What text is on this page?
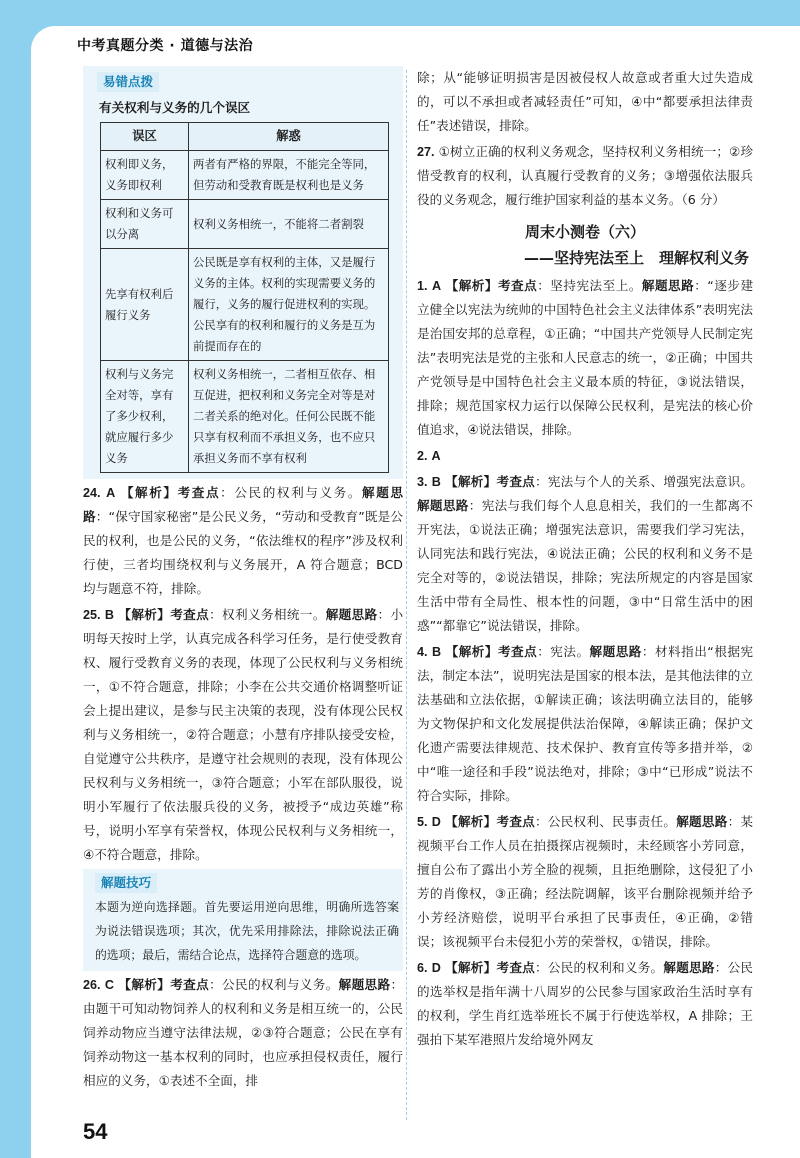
中考真题分类 · 道德与法治
易错点拨
有关权利与义务的几个误区
误区	解惑
权利即义务，义务即权利	两者有严格的界限，不能完全等同，但劳动和受教育既是权利也是义务
权利和义务可以分离	权利义务相统一，不能将二者割裂
先享有权利后履行义务	公民既是享有权利的主体，又是履行义务的主体。权利的实现需要义务的履行，义务的履行促进权利的实现。公民享有的权利和履行的义务是互为前提而存在的
权利与义务完全对等，享有了多少权利，就应履行多少义务	权利义务相统一，二者相互依存、相互促进，把权利和义务完全对等是对二者关系的绝对化。任何公民既不能只享有权利而不承担义务，也不应只承担义务而不享有权利
24. A 【解析】考查点：公民的权利与义务。解题思路：“保守国家秘密”是公民义务，“劳动和受教育”既是公民的权利，也是公民的义务，“依法维权的程序”涉及权利行使，三者均围绕权利与义务展开，A 符合题意；BCD 均与题意不符，排除。
25. B 【解析】考查点：权利义务相统一。解题思路：小明每天按时上学，认真完成各科学习任务，是行使受教育权、履行受教育义务的表现，体现了公民权利与义务相统一，①不符合题意，排除；小李在公共交通价格调整听证会上提出建议，是参与民主决策的表现，没有体现公民权利与义务相统一，②符合题意；小慧有序排队接受安检，自觉遵守公共秩序，是遵守社会规则的表现，没有体现公民权利与义务相统一，③符合题意；小军在部队服役，说明小军履行了依法服兵役的义务，被授予“成边英雄”称号，说明小军享有荣誉权，体现公民权利与义务相统一，④不符合题意，排除。
解题技巧
本题为逆向选择题。首先要运用逆向思维，明确所选答案为说法错误选项；其次，优先采用排除法，排除说法正确的选项；最后，需结合论点，选择符合题意的选项。
26. C 【解析】考查点：公民的权利与义务。解题思路：由题干可知动物饲养人的权利和义务是相互统一的，公民饲养动物应当遵守法律法规，②③符合题意；公民在享有饲养动物这一基本权利的同时，也应承担侵权责任，履行相应的义务，①表述不全面，排
除；从“能够证明损害是因被侵权人故意或者重大过失造成的，可以不承担或者减轻责任”可知，④中“都要承担法律责任”表述错误，排除。
27. ①树立正确的权利义务观念，坚持权利义务相统一；②珍惜受教育的权利，认真履行受教育的义务；③增强依法服兵役的义务观念，履行维护国家利益的基本义务。（6 分）
周末小测卷（六）
——坚持宪法至上　理解权利义务
1. A 【解析】考查点：坚持宪法至上。解题思路：“逐步建立健全以宪法为统帅的中国特色社会主义法律体系”表明宪法是治国安邦的总章程，①正确；“中国共产党领导人民制定宪法”表明宪法是党的主张和人民意志的统一，②正确；中国共产党领导是中国特色社会主义最本质的特征，③说法错误，排除；规范国家权力运行以保障公民权利，是宪法的核心价值追求，④说法错误，排除。
2. A
3. B 【解析】考查点：宪法与个人的关系、增强宪法意识。解题思路：宪法与我们每个人息息相关，我们的一生都离不开宪法，①说法正确；增强宪法意识，需要我们学习宪法，认同宪法和践行宪法，④说法正确；公民的权利和义务不是完全对等的，②说法错误，排除；宪法所规定的内容是国家生活中带有全局性、根本性的问题，③中“日常生活中的困惑”“都靠它”说法错误，排除。
4. B 【解析】考查点：宪法。解题思路：材料指出“根据宪法，制定本法”，说明宪法是国家的根本法，是其他法律的立法基础和立法依据，①解读正确；该法明确立法目的，能够为文物保护和文化发展提供法治保障，④解读正确；保护文化遗产需要法律规范、技术保护、教育宣传等多措并举，②中“唯一途径和手段”说法绝对，排除；③中“已形成”说法不符合实际，排除。
5. D 【解析】考查点：公民权利、民事责任。解题思路：某视频平台工作人员在拍摄探店视频时，未经顾客小芳同意，擅自公布了露出小芳全脸的视频，且拒绝删除，这侵犯了小芳的肖像权，③正确；经法院调解，该平台删除视频并给予小芳经济赔偿，说明平台承担了民事责任，④正确，②错误；该视频平台未侵犯小芳的荣誉权，①错误，排除。
6. D 【解析】考查点：公民的权利和义务。解题思路：公民的选举权是指年满十八周岁的公民参与国家政治生活时享有的权利，学生肖红选举班长不属于行使选举权，A 排除；王强拍下某军港照片发给境外网友
54
